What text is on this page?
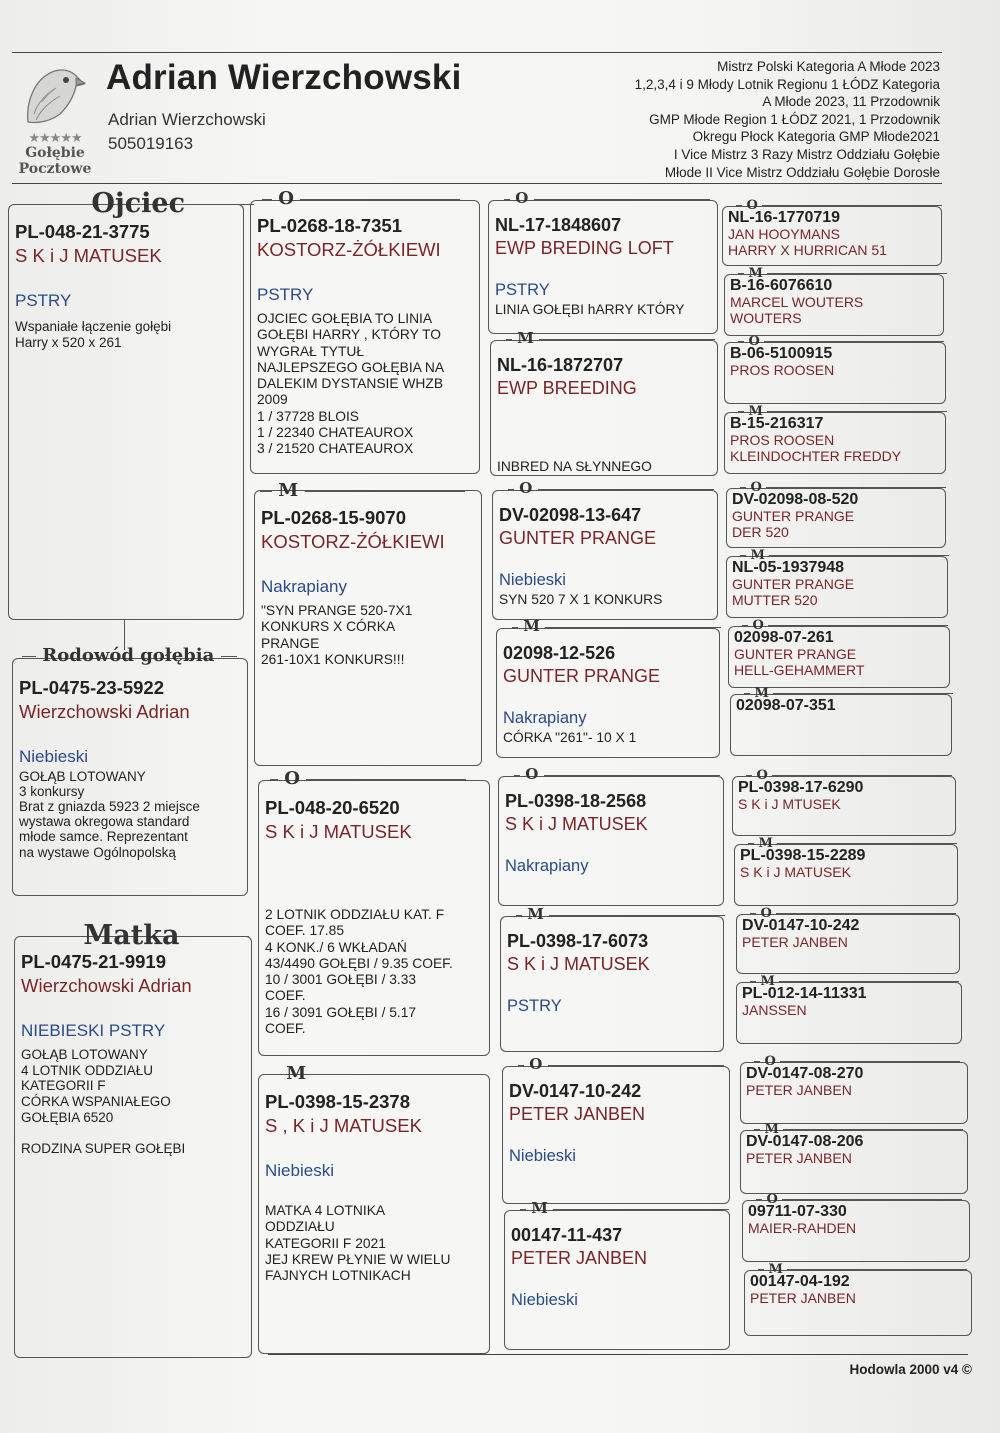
★★★★★
Gołębie
Pocztowe
Adrian Wierzchowski
Adrian Wierzchowski
505019163
Mistrz Polski Kategoria A Młode 2023
1,2,3,4 i 9 Młody Lotnik Regionu 1 ŁÓDZ Kategoria
A Młode 2023, 11 Przodownik
GMP Młode Region 1 ŁÓDZ 2021, 1 Przodownik
Okregu Płock Kategoria GMP Młode2021
I Vice Mistrz 3 Razy Mistrz Oddziału Gołębie
Młode II Vice Mistrz Oddziału Gołębie Dorosłe
PL-048-21-3775
S K i J MATUSEK
PSTRY
Wspaniałe łączenie gołębi
Harry x 520 x 261
Ojciec
PL-0475-23-5922
Wierzchowski Adrian
Niebieski
GOŁĄB LOTOWANY
3 konkursy
Brat z gniazda 5923 2 miejsce
wystawa okregowa standard
młode samce. Reprezentant
na wystawe Ogólnopolską
Rodowód gołębia
PL-0475-21-9919
Wierzchowski Adrian
NIEBIESKI PSTRY
GOŁĄB LOTOWANY
4 LOTNIK ODDZIAŁU
KATEGORII F
CÓRKA WSPANIAŁEGO
GOŁĘBIA 6520

RODZINA SUPER GOŁĘBI
Matka
PL-0268-18-7351
KOSTORZ-ŻÓŁKIEWI
PSTRY
OJCIEC GOŁĘBIA TO LINIA
GOŁĘBI HARRY , KTÓRY TO
WYGRAŁ TYTUŁ
NAJLEPSZEGO GOŁĘBIA NA
DALEKIM DYSTANSIE WHZB
2009
1 / 37728 BLOIS
1 / 22340 CHATEAUROX
3 / 21520 CHATEAUROX
O
PL-0268-15-9070
KOSTORZ-ŻÓŁKIEWI
Nakrapiany
"SYN PRANGE 520-7X1
KONKURS X CÓRKA
PRANGE
261-10X1 KONKURS!!!
M
PL-048-20-6520
S K i J MATUSEK
2 LOTNIK ODDZIAŁU KAT. F
COEF. 17.85
4 KONK./ 6 WKŁADAŃ
43/4490 GOŁĘBI / 9.35 COEF.
10 / 3001 GOŁĘBI / 3.33
COEF.
16 / 3091 GOŁĘBI / 5.17
COEF.
O
PL-0398-15-2378
S , K i J MATUSEK
Niebieski
MATKA 4 LOTNIKA
ODDZIAŁU
KATEGORII F 2021
JEJ KREW PŁYNIE W WIELU
FAJNYCH LOTNIKACH
M
NL-17-1848607
EWP BREDING LOFT
PSTRY
LINIA GOŁĘBI hARRY KTÓRY
O
NL-16-1872707
EWP BREEDING
INBRED NA SŁYNNEGO
M
DV-02098-13-647
GUNTER PRANGE
Niebieski
SYN 520 7 X 1 KONKURS
O
02098-12-526
GUNTER PRANGE
Nakrapiany
CÓRKA "261"- 10 X 1
M
PL-0398-18-2568
S K i J MATUSEK
Nakrapiany
O
PL-0398-17-6073
S K i J MATUSEK
PSTRY
M
DV-0147-10-242
PETER JANBEN
Niebieski
O
00147-11-437
PETER JANBEN
Niebieski
M
NL-16-1770719
JAN HOOYMANS
HARRY X HURRICAN 51
O
B-16-6076610
MARCEL WOUTERS
WOUTERS
M
B-06-5100915
PROS ROOSEN
O
B-15-216317
PROS ROOSEN
KLEINDOCHTER FREDDY
M
DV-02098-08-520
GUNTER PRANGE
DER 520
O
NL-05-1937948
GUNTER PRANGE
MUTTER 520
M
02098-07-261
GUNTER PRANGE
HELL-GEHAMMERT
O
02098-07-351
M
PL-0398-17-6290
S K i J MTUSEK
O
PL-0398-15-2289
S K i J MATUSEK
M
DV-0147-10-242
PETER JANBEN
O
PL-012-14-11331
JANSSEN
M
DV-0147-08-270
PETER JANBEN
O
DV-0147-08-206
PETER JANBEN
M
09711-07-330
MAIER-RAHDEN
O
00147-04-192
PETER JANBEN
M
Hodowla 2000 v4 ©
